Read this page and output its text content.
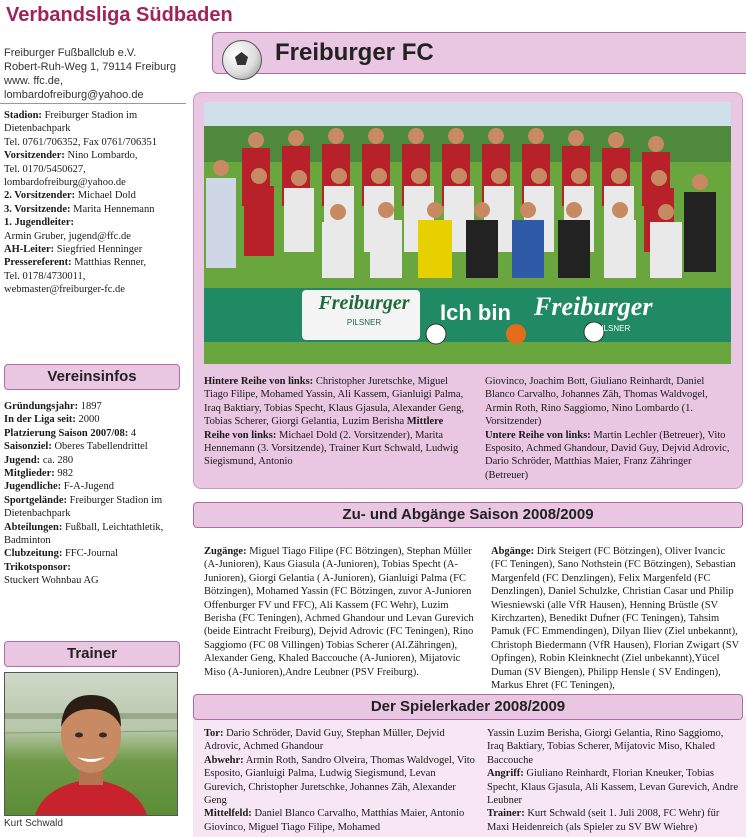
Verbandsliga Südbaden
Freiburger FC
Freiburger Fußballclub e.V.
Robert-Ruh-Weg 1, 79114 Freiburg
www. ffc.de,
lombardofreiburg@yahoo.de
Stadion: Freiburger Stadion im Dietenbachpark
Tel. 0761/706352, Fax 0761/706351
Vorsitzender: Nino Lombardo,
Tel. 0170/5450627,
lombardofreiburg@yahoo.de
2. Vorsitzender: Michael Dold
3. Vorsitzende: Marita Hennemann
1. Jugendleiter:
Armin Gruber, jugend@ffc.de
AH-Leiter: Siegfried Henninger
Pressereferent: Matthias Renner,
Tel. 0178/4730011,
webmaster@freiburger-fc.de
Vereinsinfos
Gründungsjahr: 1897
In der Liga seit: 2000
Platzierung Saison 2007/08: 4
Saisonziel: Oberes Tabellendrittel
Jugend: ca. 280
Mitglieder: 982
Jugendliche: F-A-Jugend
Sportgelände: Freiburger Stadion im Dietenbachpark
Abteilungen: Fußball, Leichtathletik, Badminton
Clubzeitung: FFC-Journal
Trikotsponsor:
Stuckert Wohnbau AG
Trainer
Kurt Schwald
Freiburger
PILSNER	Ich bin Freiburger
PILSNER
Hintere Reihe von links: Christopher Juretschke, Miguel Tiago Filipe, Mohamed Yassin, Ali Kassem, Gianluigi Palma, Iraq Baktiary, Tobias Specht, Klaus Gjasula, Alexander Geng, Tobias Scherer, Giorgi Gelantia, Luzim Berisha Mittlere Reihe von links: Michael Dold (2. Vorsitzender), Marita Hennemann (3. Vorsitzende), Trainer Kurt Schwald, Ludwig Siegismund, Antonio
Giovinco, Joachim Bott, Giuliano Reinhardt, Daniel Blanco Carvalho, Johannes Zäh, Thomas Waldvogel, Armin Roth, Rino Saggiomo, Nino Lombardo (1. Vorsitzender)
Untere Reihe von links: Martin Lechler (Betreuer), Vito Esposito, Achmed Ghandour, David Guy, Dejvid Adrovic, Dario Schröder, Matthias Maier, Franz Zähringer (Betreuer)
Zu- und Abgänge Saison 2008/2009
Zugänge: Miguel Tiago Filipe (FC Bötzingen), Stephan Müller (A-Junioren), Kaus Giasula (A-Junioren), Tobias Specht (A-Junioren), Giorgi Gelantia ( A-Junioren), Gianluigi Palma (FC Bötzingen), Mohamed Yassin (FC Bötzingen, zuvor A-Junioren Offenburger FV und FFC), Ali Kassem (FC Wehr), Luzim Berisha (FC Teningen), Achmed Ghandour und Levan Gurevich (beide Eintracht Freiburg), Dejvid Adrovic (FC Teningen), Rino Saggiomo (FC 08 Villingen) Tobias Scherer (Al.Zähringen), Alexander Geng, Khaled Baccouche (A-Junioren), Mijatovic Miso (A-Junioren),Andre Leubner (PSV Freiburg).
Abgänge: Dirk Steigert (FC Bötzingen), Oliver Ivancic (FC Teningen), Sano Nothstein (FC Bötzingen), Sebastian Margenfeld (FC Denzlingen), Felix Margenfeld (FC Denzlingen), Daniel Schulzke, Christian Casar und Philip Wiesniewski (alle VfR Hausen), Henning Brüstle (SV Kirchzarten), Benedikt Dufner (FC Teningen), Tahsim Pamuk (FC Emmendingen), Dilyan Iliev (Ziel unbekannt), Christoph Biedermann (VfR Hausen), Florian Zwigart (SV Opfingen), Robin Kleinknecht (Ziel unbekannt),Yücel Duman (SV Biengen), Philipp Hensle ( SV Endingen), Markus Ehret (FC Teningen),
Der Spielerkader 2008/2009
Tor: Dario Schröder, David Guy, Stephan Müller, Dejvid Adrovic, Achmed Ghandour
Abwehr: Armin Roth, Sandro Olveira, Thomas Waldvogel, Vito Esposito, Gianluigi Palma, Ludwig Siegismund, Levan Gurevich, Christopher Juretschke, Johannes Zäh, Alexander Geng
Mittelfeld: Daniel Blanco Carvalho, Matthias Maier, Antonio Giovinco, Miguel Tiago Filipe, Mohamed
Yassin Luzim Berisha, Giorgi Gelantia, Rino Saggiomo, Iraq Baktiary, Tobias Scherer, Mijatovic Miso, Khaled Baccouche
Angriff: Giuliano Reinhardt, Florian Kneuker, Tobias Specht, Klaus Gjasula, Ali Kassem, Levan Gurevich, Andre Leubner
Trainer: Kurt Schwald (seit 1. Juli 2008, FC Wehr) für Maxi Heidenreich (als Spieler zu SV BW Wiehre)
